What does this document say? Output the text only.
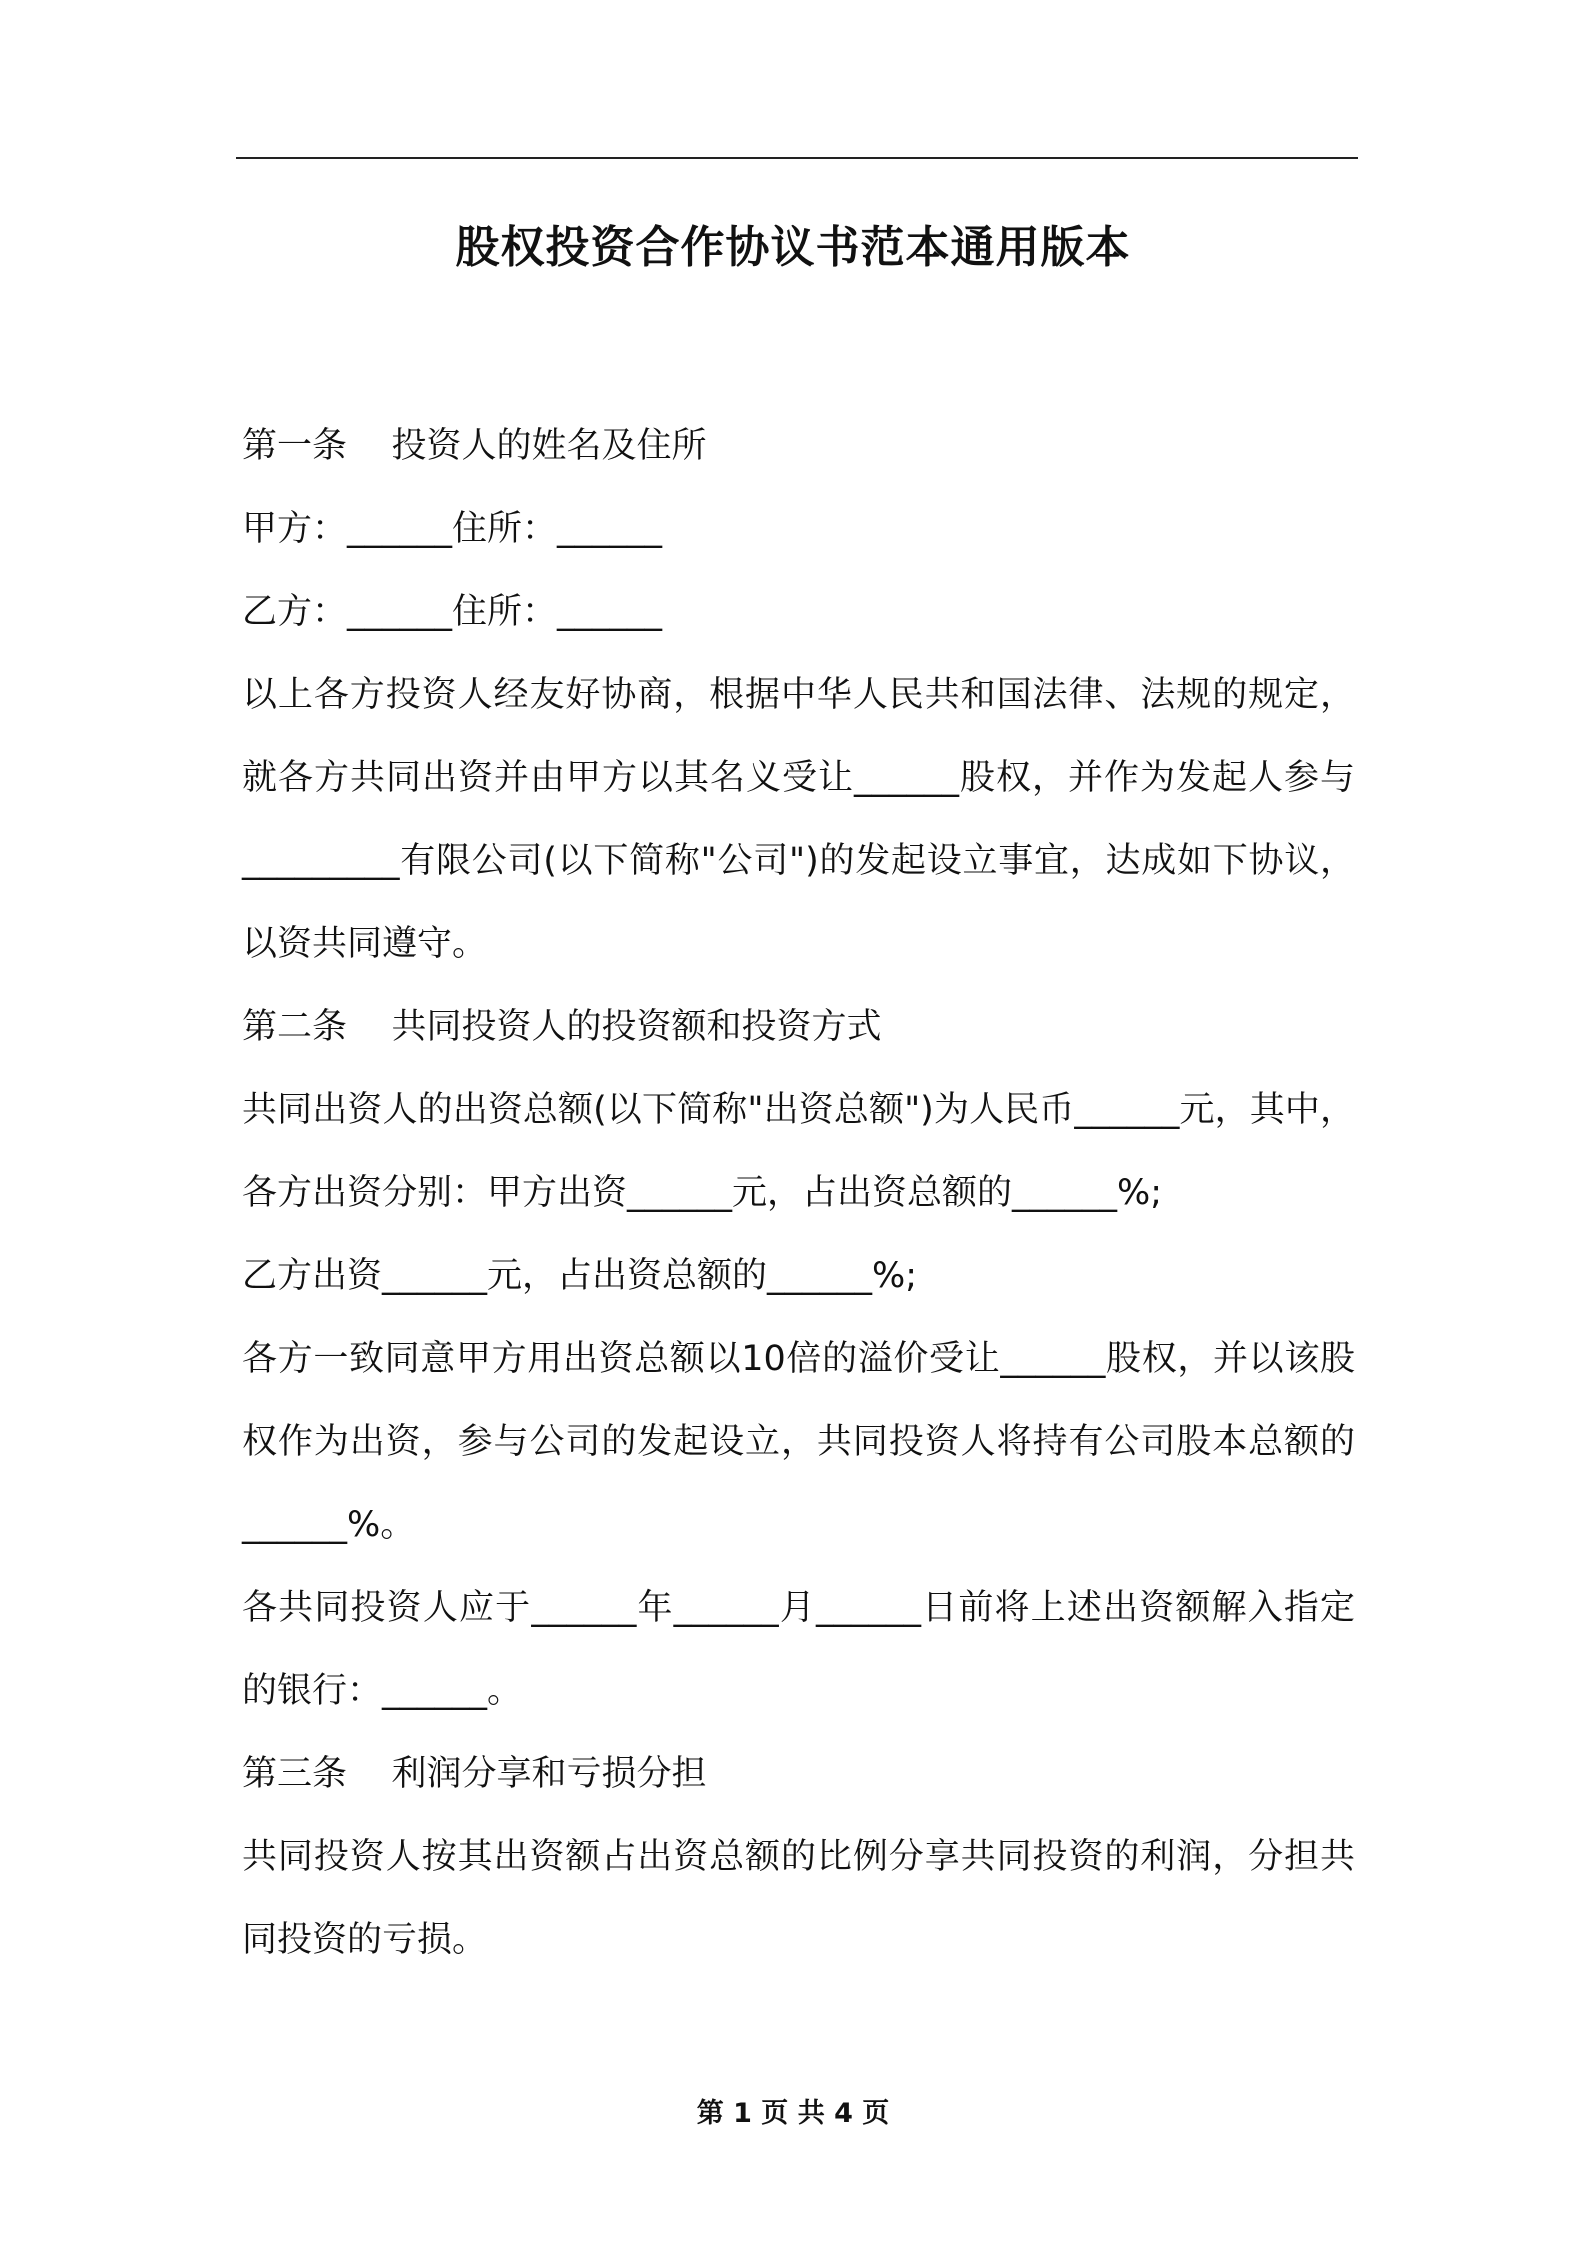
股权投资合作协议书范本通用版本

第一条    投资人的姓名及住所

甲方：______住所：______

乙方：______住所：______

以上各方投资人经友好协商，根据中华人民共和国法律、法规的规定，就各方共同出资并由甲方以其名义受让______股权，并作为发起人参与_________有限公司(以下简称"公司")的发起设立事宜，达成如下协议，以资共同遵守。

第二条    共同投资人的投资额和投资方式

共同出资人的出资总额(以下简称"出资总额")为人民币______元，其中，各方出资分别：甲方出资______元，占出资总额的______%;

乙方出资______元，占出资总额的______%;

各方一致同意甲方用出资总额以10倍的溢价受让______股权，并以该股权作为出资，参与公司的发起设立，共同投资人将持有公司股本总额的______%。

各共同投资人应于______年______月______日前将上述出资额解入指定的银行：______。

第三条    利润分享和亏损分担

共同投资人按其出资额占出资总额的比例分享共同投资的利润，分担共同投资的亏损。

第 1 页 共 4 页
